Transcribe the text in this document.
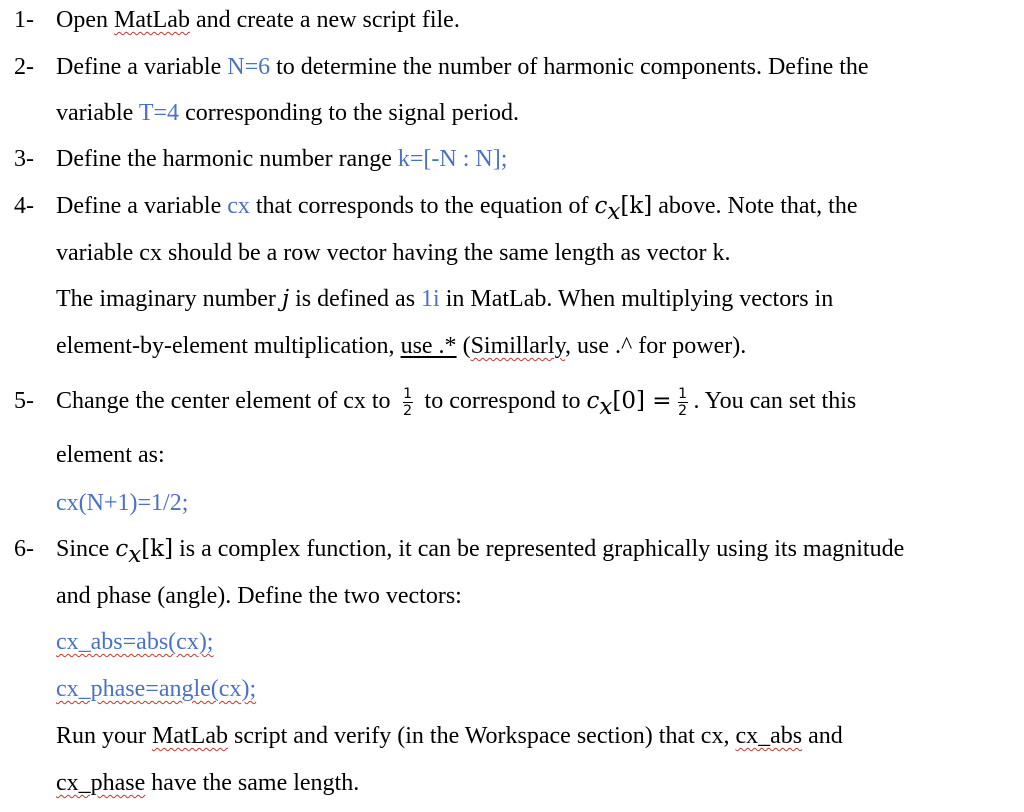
1- Open MatLab and create a new script file.
2- Define a variable N=6 to determine the number of harmonic components. Define the
variable T=4 corresponding to the signal period.
3- Define the harmonic number range k=[-N : N];
4- Define a variable cx that corresponds to the equation of $c_x[k]$ above. Note that, the
variable cx should be a row vector having the same length as vector k.
The imaginary number j is defined as 1i in MatLab. When multiplying vectors in
element-by-element multiplication, use .* (Simillarly, use .^ for power).
5- Change the center element of cx to $\frac{1}{2}$ to correspond to $c_x[0] = \frac{1}{2}$ . You can set this
element as:
cx(N+1)=1/2;
6- Since $c_x[k]$ is a complex function, it can be represented graphically using its magnitude
and phase (angle). Define the two vectors:
cx_abs=abs(cx);
cx_phase=angle(cx);
Run your MatLab script and verify (in the Workspace section) that cx, cx_abs and
cx_phase have the same length.
